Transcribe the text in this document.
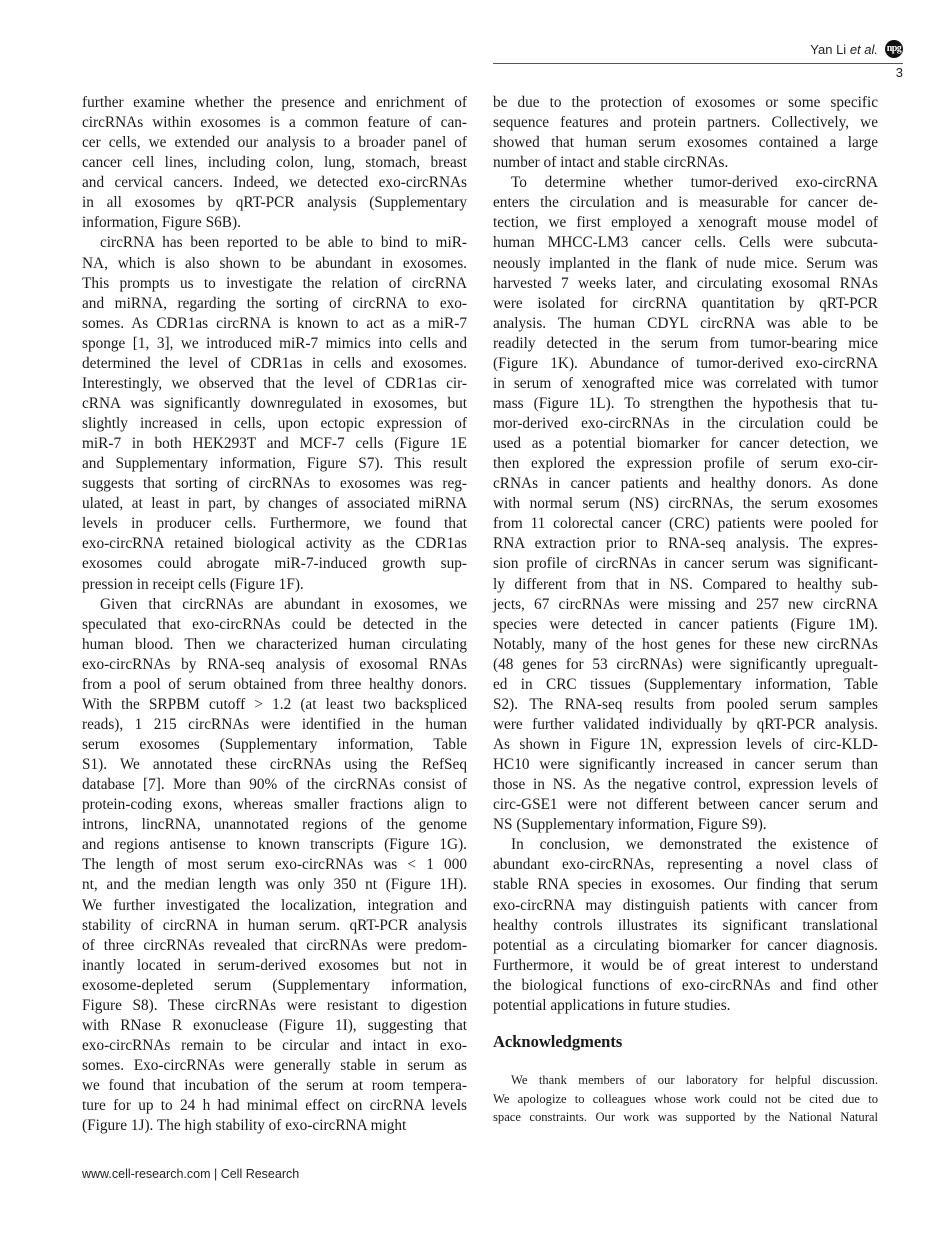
Yan Li et al. npg
3
further examine whether the presence and enrichment of
circRNAs within exosomes is a common feature of can-
cer cells, we extended our analysis to a broader panel of
cancer cell lines, including colon, lung, stomach, breast
and cervical cancers. Indeed, we detected exo-circRNAs
in all exosomes by qRT-PCR analysis (Supplementary
information, Figure S6B).
circRNA has been reported to be able to bind to miR-
NA, which is also shown to be abundant in exosomes.
This prompts us to investigate the relation of circRNA
and miRNA, regarding the sorting of circRNA to exo-
somes. As CDR1as circRNA is known to act as a miR-7
sponge [1, 3], we introduced miR-7 mimics into cells and
determined the level of CDR1as in cells and exosomes.
Interestingly, we observed that the level of CDR1as cir-
cRNA was significantly downregulated in exosomes, but
slightly increased in cells, upon ectopic expression of
miR-7 in both HEK293T and MCF-7 cells (Figure 1E
and Supplementary information, Figure S7). This result
suggests that sorting of circRNAs to exosomes was reg-
ulated, at least in part, by changes of associated miRNA
levels in producer cells. Furthermore, we found that
exo-circRNA retained biological activity as the CDR1as
exosomes could abrogate miR-7-induced growth sup-
pression in receipt cells (Figure 1F).
Given that circRNAs are abundant in exosomes, we
speculated that exo-circRNAs could be detected in the
human blood. Then we characterized human circulating
exo-circRNAs by RNA-seq analysis of exosomal RNAs
from a pool of serum obtained from three healthy donors.
With the SRPBM cutoff > 1.2 (at least two backspliced
reads), 1 215 circRNAs were identified in the human
serum exosomes (Supplementary information, Table
S1). We annotated these circRNAs using the RefSeq
database [7]. More than 90% of the circRNAs consist of
protein-coding exons, whereas smaller fractions align to
introns, lincRNA, unannotated regions of the genome
and regions antisense to known transcripts (Figure 1G).
The length of most serum exo-circRNAs was < 1 000
nt, and the median length was only 350 nt (Figure 1H).
We further investigated the localization, integration and
stability of circRNA in human serum. qRT-PCR analysis
of three circRNAs revealed that circRNAs were predom-
inantly located in serum-derived exosomes but not in
exosome-depleted serum (Supplementary information,
Figure S8). These circRNAs were resistant to digestion
with RNase R exonuclease (Figure 1I), suggesting that
exo-circRNAs remain to be circular and intact in exo-
somes. Exo-circRNAs were generally stable in serum as
we found that incubation of the serum at room tempera-
ture for up to 24 h had minimal effect on circRNA levels
(Figure 1J). The high stability of exo-circRNA might
be due to the protection of exosomes or some specific
sequence features and protein partners. Collectively, we
showed that human serum exosomes contained a large
number of intact and stable circRNAs.
To determine whether tumor-derived exo-circRNA
enters the circulation and is measurable for cancer de-
tection, we first employed a xenograft mouse model of
human MHCC-LM3 cancer cells. Cells were subcuta-
neously implanted in the flank of nude mice. Serum was
harvested 7 weeks later, and circulating exosomal RNAs
were isolated for circRNA quantitation by qRT-PCR
analysis. The human CDYL circRNA was able to be
readily detected in the serum from tumor-bearing mice
(Figure 1K). Abundance of tumor-derived exo-circRNA
in serum of xenografted mice was correlated with tumor
mass (Figure 1L). To strengthen the hypothesis that tu-
mor-derived exo-circRNAs in the circulation could be
used as a potential biomarker for cancer detection, we
then explored the expression profile of serum exo-cir-
cRNAs in cancer patients and healthy donors. As done
with normal serum (NS) circRNAs, the serum exosomes
from 11 colorectal cancer (CRC) patients were pooled for
RNA extraction prior to RNA-seq analysis. The expres-
sion profile of circRNAs in cancer serum was significant-
ly different from that in NS. Compared to healthy sub-
jects, 67 circRNAs were missing and 257 new circRNA
species were detected in cancer patients (Figure 1M).
Notably, many of the host genes for these new circRNAs
(48 genes for 53 circRNAs) were significantly upregualt-
ed in CRC tissues (Supplementary information, Table
S2). The RNA-seq results from pooled serum samples
were further validated individually by qRT-PCR analysis.
As shown in Figure 1N, expression levels of circ-KLD-
HC10 were significantly increased in cancer serum than
those in NS. As the negative control, expression levels of
circ-GSE1 were not different between cancer serum and
NS (Supplementary information, Figure S9).
In conclusion, we demonstrated the existence of
abundant exo-circRNAs, representing a novel class of
stable RNA species in exosomes. Our finding that serum
exo-circRNA may distinguish patients with cancer from
healthy controls illustrates its significant translational
potential as a circulating biomarker for cancer diagnosis.
Furthermore, it would be of great interest to understand
the biological functions of exo-circRNAs and find other
potential applications in future studies.
Acknowledgments
We thank members of our laboratory for helpful discussion.
We apologize to colleagues whose work could not be cited due to
space constraints. Our work was supported by the National Natural
www.cell-research.com | Cell Research
